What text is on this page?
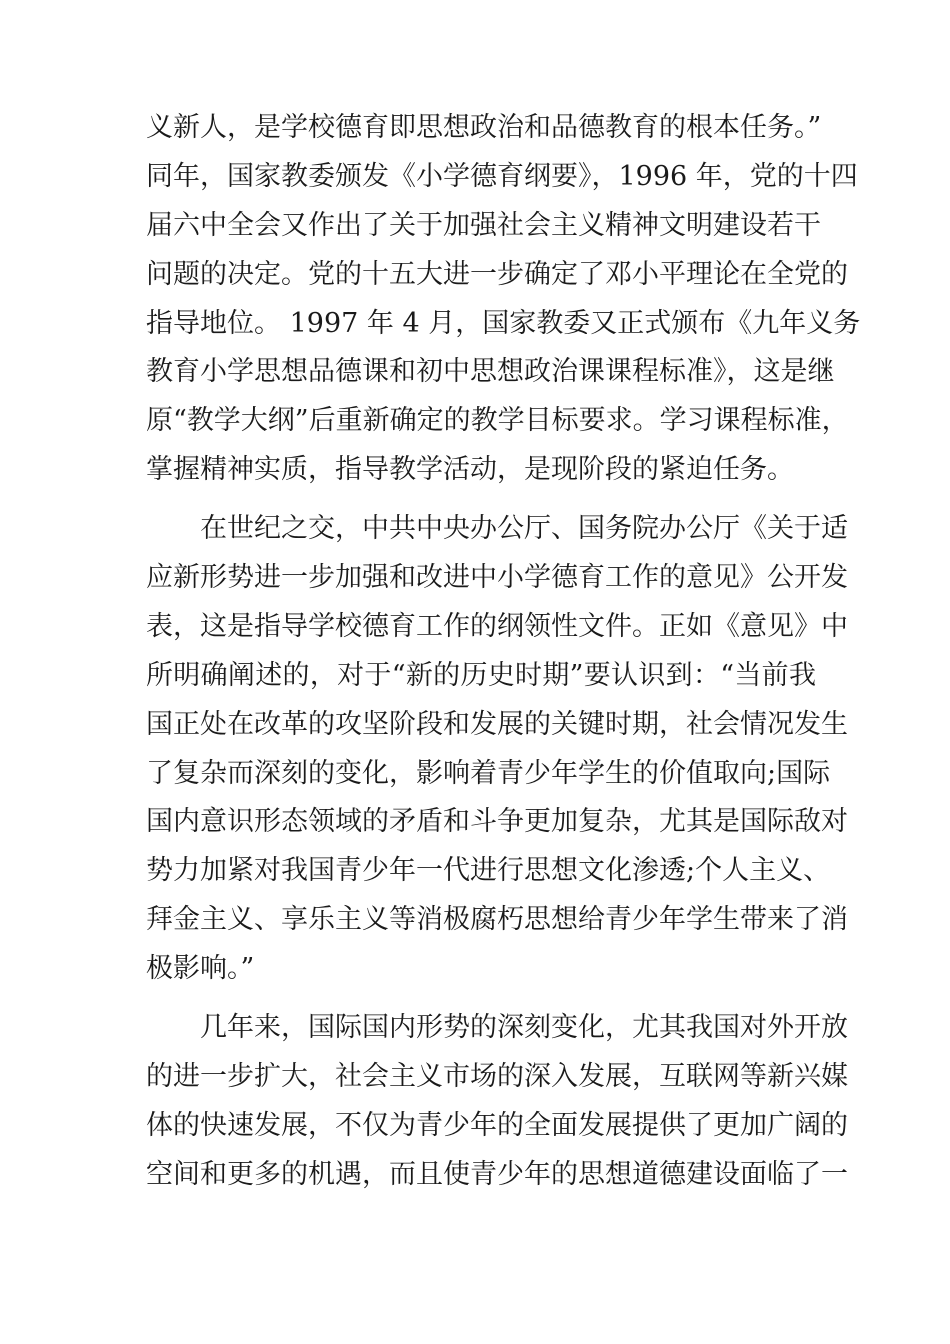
义新人，是学校德育即思想政治和品德教育的根本任务。”
同年，国家教委颁发《小学德育纲要》，1996 年，党的十四
届六中全会又作出了关于加强社会主义精神文明建设若干
问题的决定。党的十五大进一步确定了邓小平理论在全党的
指导地位。 1997 年 4 月，国家教委又正式颁布《九年义务
教育小学思想品德课和初中思想政治课课程标准》，这是继
原“教学大纲”后重新确定的教学目标要求。学习课程标准，
掌握精神实质，指导教学活动，是现阶段的紧迫任务。
在世纪之交，中共中央办公厅、国务院办公厅《关于适
应新形势进一步加强和改进中小学德育工作的意见》公开发
表，这是指导学校德育工作的纲领性文件。正如《意见》中
所明确阐述的，对于“新的历史时期”要认识到：“当前我
国正处在改革的攻坚阶段和发展的关键时期，社会情况发生
了复杂而深刻的变化，影响着青少年学生的价值取向;国际
国内意识形态领域的矛盾和斗争更加复杂，尤其是国际敌对
势力加紧对我国青少年一代进行思想文化渗透;个人主义、
拜金主义、享乐主义等消极腐朽思想给青少年学生带来了消
极影响。”
几年来，国际国内形势的深刻变化，尤其我国对外开放
的进一步扩大，社会主义市场的深入发展，互联网等新兴媒
体的快速发展，不仅为青少年的全面发展提供了更加广阔的
空间和更多的机遇，而且使青少年的思想道德建设面临了一
